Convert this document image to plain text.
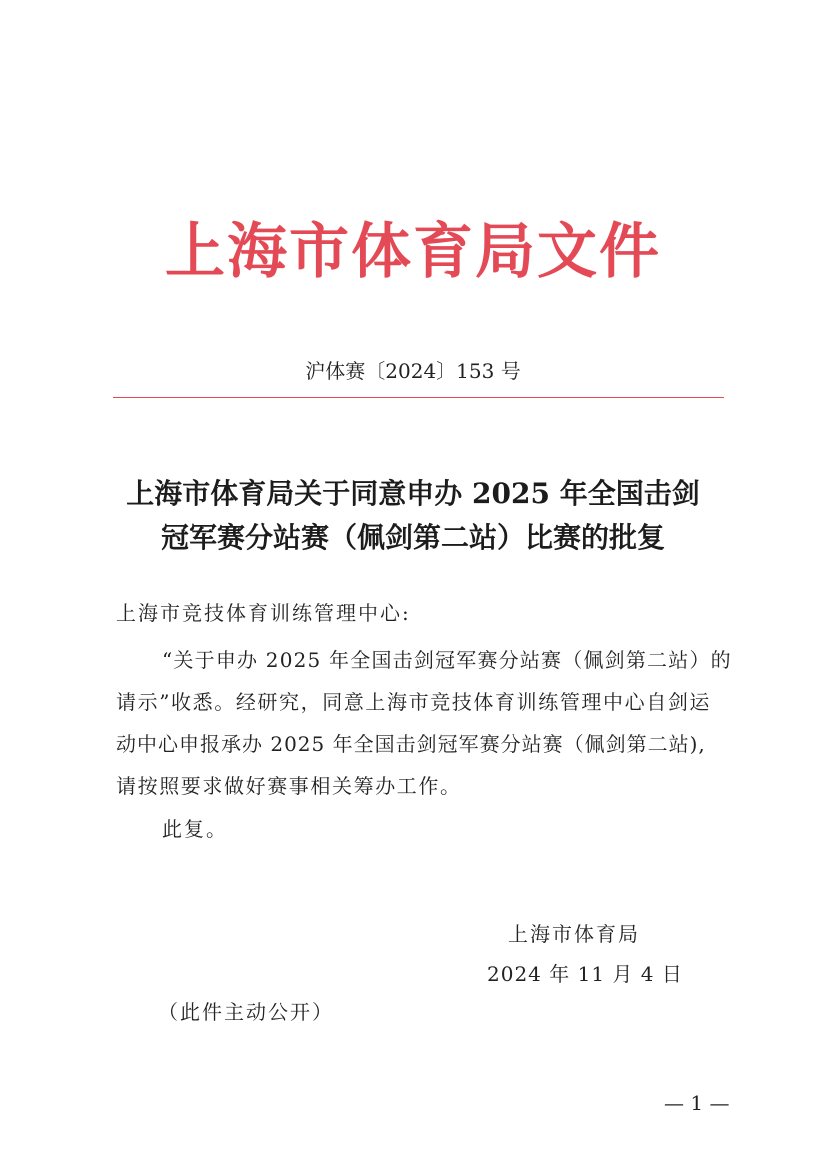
上海市体育局文件
沪体赛〔2024〕153 号
上海市体育局关于同意申办 2025 年全国击剑
冠军赛分站赛（佩剑第二站）比赛的批复
上海市竞技体育训练管理中心:
“关于申办 2025 年全国击剑冠军赛分站赛（佩剑第二站）的
请示”收悉。经研究，同意上海市竞技体育训练管理中心自剑运
动中心申报承办 2025 年全国击剑冠军赛分站赛（佩剑第二站),
请按照要求做好赛事相关筹办工作。
此复。
上海市体育局
2024 年 11 月 4 日
（此件主动公开）
— 1 —
